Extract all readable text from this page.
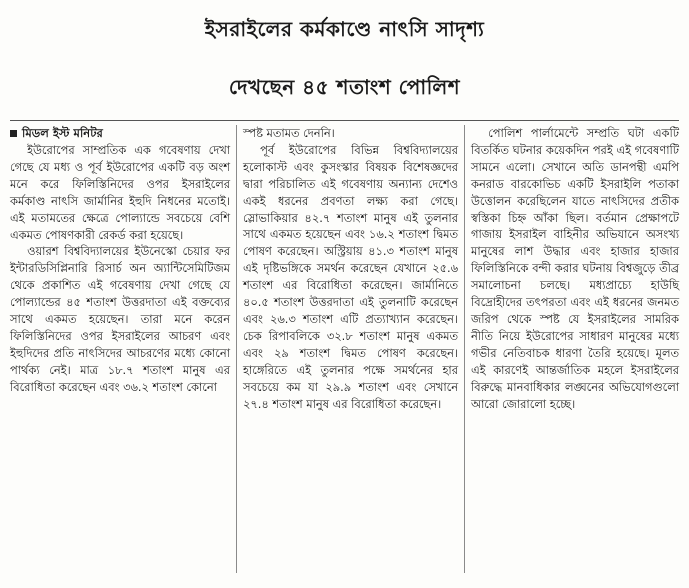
ইসরাইলের কর্মকাণ্ডে নাৎসি সাদৃশ্য
দেখছেন ৪৫ শতাংশ পোলিশ
মিডল ইস্ট মনিটর

ইউরোপের সাম্প্রতিক এক গবেষণায় দেখা গেছে যে মধ্য ও পূর্ব ইউরোপের একটি বড় অংশ মনে করে ফিলিস্তিনিদের ওপর ইসরাইলের কর্মকাণ্ড নাৎসি জার্মানির ইহুদি নিধনের মতোই। এই মতামতের ক্ষেত্রে পোল্যান্ডে সবচেয়ে বেশি একমত পোষণকারী রেকর্ড করা হয়েছে।

ওয়ারশ বিশ্ববিদ্যালয়ের ইউনেস্কো চেয়ার ফর ইন্টারডিসিপ্লিনারি রিসার্চ অন অ্যান্টিসেমিটিজম থেকে প্রকাশিত এই গবেষণায় দেখা গেছে যে পোল্যান্ডের ৪৫ শতাংশ উত্তরদাতা এই বক্তব্যের সাথে একমত হয়েছেন। তারা মনে করেন ফিলিস্তিনিদের ওপর ইসরাইলের আচরণ এবং ইহুদিদের প্রতি নাৎসিদের আচরণের মধ্যে কোনো পার্থক্য নেই। মাত্র ১৮.৭ শতাংশ মানুষ এর বিরোধিতা করেছেন এবং ৩৬.২ শতাংশ কোনো

স্পষ্ট মতামত দেননি।

পূর্ব ইউরোপের বিভিন্ন বিশ্ববিদ্যালয়ের হলোকাস্ট এবং কুসংস্কার বিষয়ক বিশেষজ্ঞদের দ্বারা পরিচালিত এই গবেষণায় অন্যান্য দেশেও একই ধরনের প্রবণতা লক্ষ্য করা গেছে। স্লোভাকিয়ার ৪২.৭ শতাংশ মানুষ এই তুলনার সাথে একমত হয়েছেন এবং ১৬.২ শতাংশ দ্বিমত পোষণ করেছেন। অস্ট্রিয়ায় ৪১.৩ শতাংশ মানুষ এই দৃষ্টিভঙ্গিকে সমর্থন করেছেন যেখানে ২৫.৬ শতাংশ এর বিরোধিতা করেছেন। জার্মানিতে ৪০.৫ শতাংশ উত্তরদাতা এই তুলনাটি করেছেন এবং ২৬.৩ শতাংশ এটি প্রত্যাখ্যান করেছেন। চেক রিপাবলিকে ৩২.৮ শতাংশ মানুষ একমত এবং ২৯ শতাংশ দ্বিমত পোষণ করেছেন। হাঙ্গেরিতে এই তুলনার পক্ষে সমর্থনের হার সবচেয়ে কম যা ২৯.৯ শতাংশ এবং সেখানে ২৭.৪ শতাংশ মানুষ এর বিরোধিতা করেছেন।

পোলিশ পার্লামেন্টে সম্প্রতি ঘটা একটি বিতর্কিত ঘটনার কয়েকদিন পরই এই গবেষণাটি সামনে এলো। সেখানে অতি ডানপন্থী এমপি কনরাড বারকোভিচ একটি ইসরাইলি পতাকা উত্তোলন করেছিলেন যাতে নাৎসিদের প্রতীক স্বস্তিকা চিহ্ন আঁকা ছিল। বর্তমান প্রেক্ষাপটে গাজায় ইসরাইল বাহিনীর অভিযানে অসংখ্য মানুষের লাশ উদ্ধার এবং হাজার হাজার ফিলিস্তিনিকে বন্দী করার ঘটনায় বিশ্বজুড়ে তীব্র সমালোচনা চলছে। মধ্যপ্রাচ্যে হাউছি বিদ্রোহীদের তৎপরতা এবং এই ধরনের জনমত জরিপ থেকে স্পষ্ট যে ইসরাইলের সামরিক নীতি নিয়ে ইউরোপের সাধারণ মানুষের মধ্যে গভীর নেতিবাচক ধারণা তৈরি হয়েছে। মূলত এই কারণেই আন্তর্জাতিক মহলে ইসরাইলের বিরুদ্ধে মানবাধিকার লঙ্ঘনের অভিযোগগুলো আরো জোরালো হচ্ছে।
